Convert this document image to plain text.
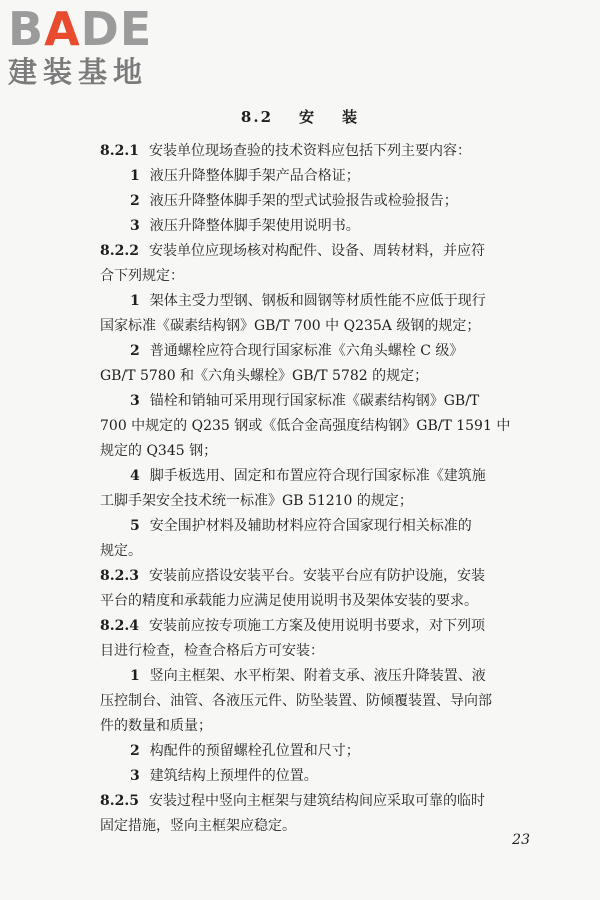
BADE
建装基地
8.2 安 装
8.2.1 安装单位现场查验的技术资料应包括下列主要内容：
1 液压升降整体脚手架产品合格证；
2 液压升降整体脚手架的型式试验报告或检验报告；
3 液压升降整体脚手架使用说明书。
8.2.2 安装单位应现场核对构配件、设备、周转材料，并应符
合下列规定：
1 架体主受力型钢、钢板和圆钢等材质性能不应低于现行
国家标准《碳素结构钢》GB/T 700 中 Q235A 级钢的规定；
2 普通螺栓应符合现行国家标准《六角头螺栓 C 级》
GB/T 5780 和《六角头螺栓》GB/T 5782 的规定；
3 锚栓和销轴可采用现行国家标准《碳素结构钢》GB/T
700 中规定的 Q235 钢或《低合金高强度结构钢》GB/T 1591 中
规定的 Q345 钢；
4 脚手板选用、固定和布置应符合现行国家标准《建筑施
工脚手架安全技术统一标准》GB 51210 的规定；
5 安全围护材料及辅助材料应符合国家现行相关标准的
规定。
8.2.3 安装前应搭设安装平台。安装平台应有防护设施，安装
平台的精度和承载能力应满足使用说明书及架体安装的要求。
8.2.4 安装前应按专项施工方案及使用说明书要求，对下列项
目进行检查，检查合格后方可安装：
1 竖向主框架、水平桁架、附着支承、液压升降装置、液
压控制台、油管、各液压元件、防坠装置、防倾覆装置、导向部
件的数量和质量；
2 构配件的预留螺栓孔位置和尺寸；
3 建筑结构上预埋件的位置。
8.2.5 安装过程中竖向主框架与建筑结构间应采取可靠的临时
固定措施，竖向主框架应稳定。
23
